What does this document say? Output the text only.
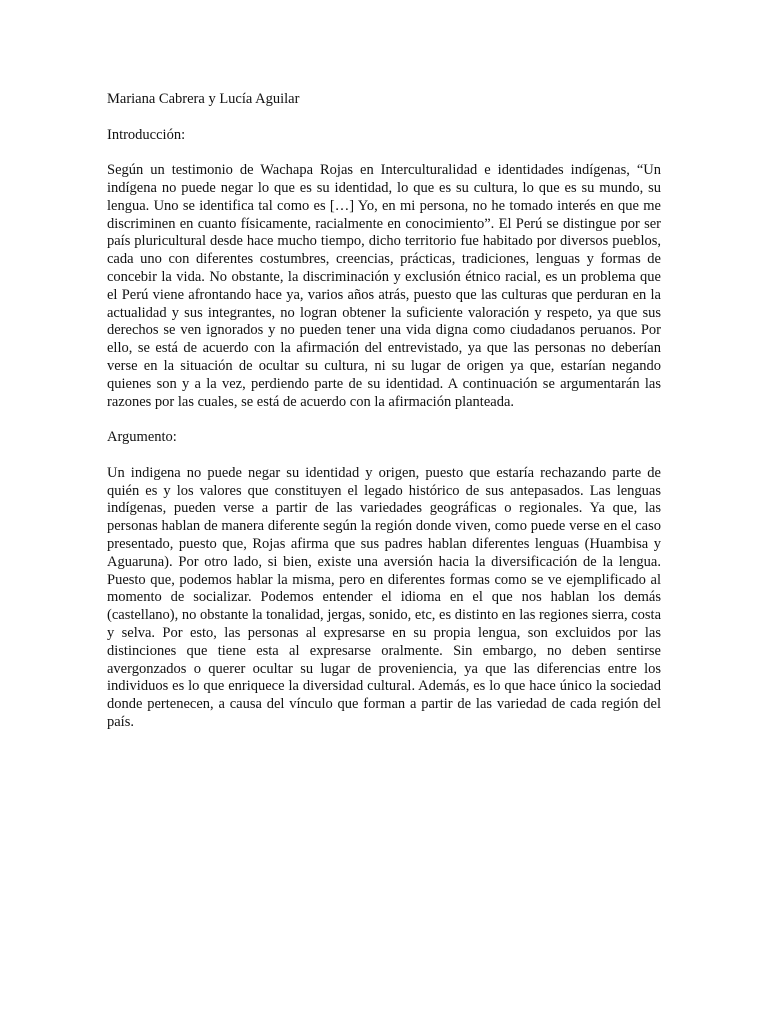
Mariana Cabrera y Lucía Aguilar

Introducción:

Según un testimonio de Wachapa Rojas en Interculturalidad e identidades indígenas, “Un indígena no puede negar lo que es su identidad, lo que es su cultura, lo que es su mundo, su lengua. Uno se identifica tal como es […] Yo, en mi persona, no he tomado interés en que me discriminen en cuanto físicamente, racialmente en conocimiento”. El Perú se distingue por ser país pluricultural desde hace mucho tiempo, dicho territorio fue habitado por diversos pueblos, cada uno con diferentes costumbres, creencias, prácticas, tradiciones, lenguas y formas de concebir la vida. No obstante, la discriminación y exclusión étnico racial, es un problema que el Perú viene afrontando hace ya, varios años atrás, puesto que las culturas que perduran en la actualidad y sus integrantes, no logran obtener la suficiente valoración y respeto, ya que sus derechos se ven ignorados y no pueden tener una vida digna como ciudadanos peruanos. Por ello, se está de acuerdo con la afirmación del entrevistado, ya que las personas no deberían verse en la situación de ocultar su cultura, ni su lugar de origen ya que, estarían negando quienes son y a la vez, perdiendo parte de su identidad. A continuación se argumentarán las razones por las cuales, se está de acuerdo con la afirmación planteada.

Argumento:

Un indigena no puede negar su identidad y origen, puesto que estaría rechazando parte de quién es y los valores que constituyen el legado histórico de sus antepasados. Las lenguas indígenas, pueden verse a partir de las variedades geográficas o regionales. Ya que, las personas hablan de manera diferente según la región donde viven, como puede verse en el caso presentado, puesto que, Rojas afirma que sus padres hablan diferentes lenguas (Huambisa y Aguaruna). Por otro lado, si bien, existe una aversión hacia la diversificación de la lengua. Puesto que, podemos hablar la misma, pero en diferentes formas como se ve ejemplificado al momento de socializar. Podemos entender el idioma en el que nos hablan los demás (castellano), no obstante la tonalidad, jergas, sonido, etc, es distinto en las regiones sierra, costa y selva. Por esto, las personas al expresarse en su propia lengua, son excluidos por las distinciones que tiene esta al expresarse oralmente. Sin embargo, no deben sentirse avergonzados o querer ocultar su lugar de proveniencia, ya que las diferencias entre los individuos es lo que enriquece la diversidad cultural. Además, es lo que hace único la sociedad donde pertenecen, a causa del vínculo que forman a partir de las variedad de cada región del país.
